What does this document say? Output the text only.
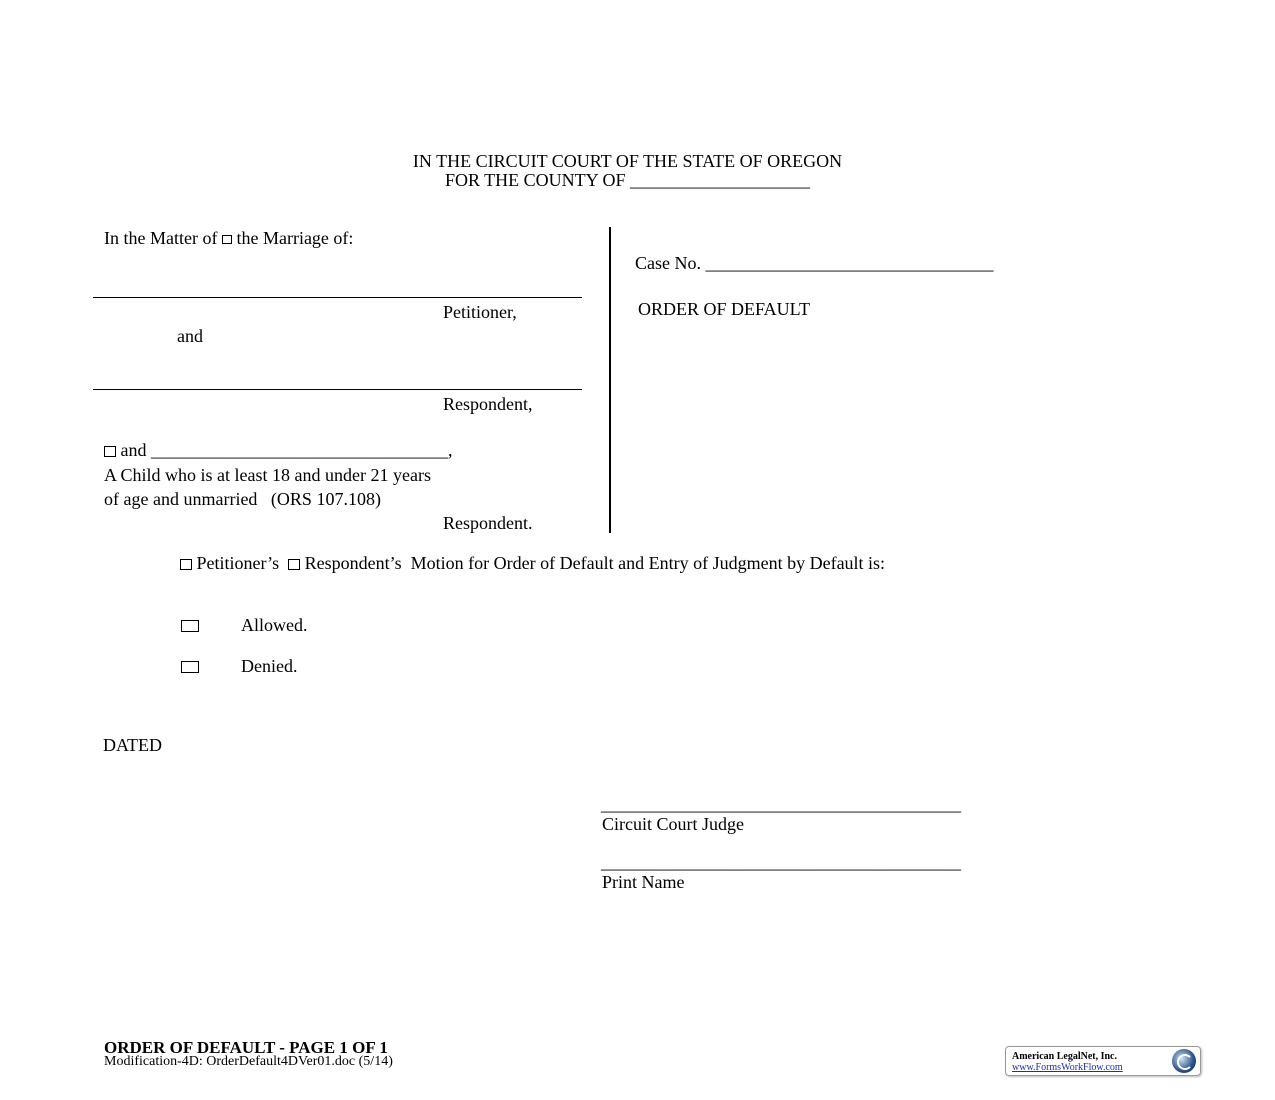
IN THE CIRCUIT COURT OF THE STATE OF OREGON
FOR THE COUNTY OF ____________________
In the Matter of the Marriage of:
Petitioner,
and
Respondent,
and _________________________________,
A Child who is at least 18 and under 21 years
of age and unmarried   (ORS 107.108)
Respondent.
Case No. ________________________________
ORDER OF DEFAULT
Petitioner’s Respondent’s Motion for Order of Default and Entry of Judgment by Default is:
Allowed.
Denied.
DATED
________________________________________
Circuit Court Judge
________________________________________
Print Name
ORDER OF DEFAULT - PAGE 1 OF 1
Modification-4D: OrderDefault4DVer01.doc (5/14)	American LegalNet, Inc.
www.FormsWorkFlow.com
